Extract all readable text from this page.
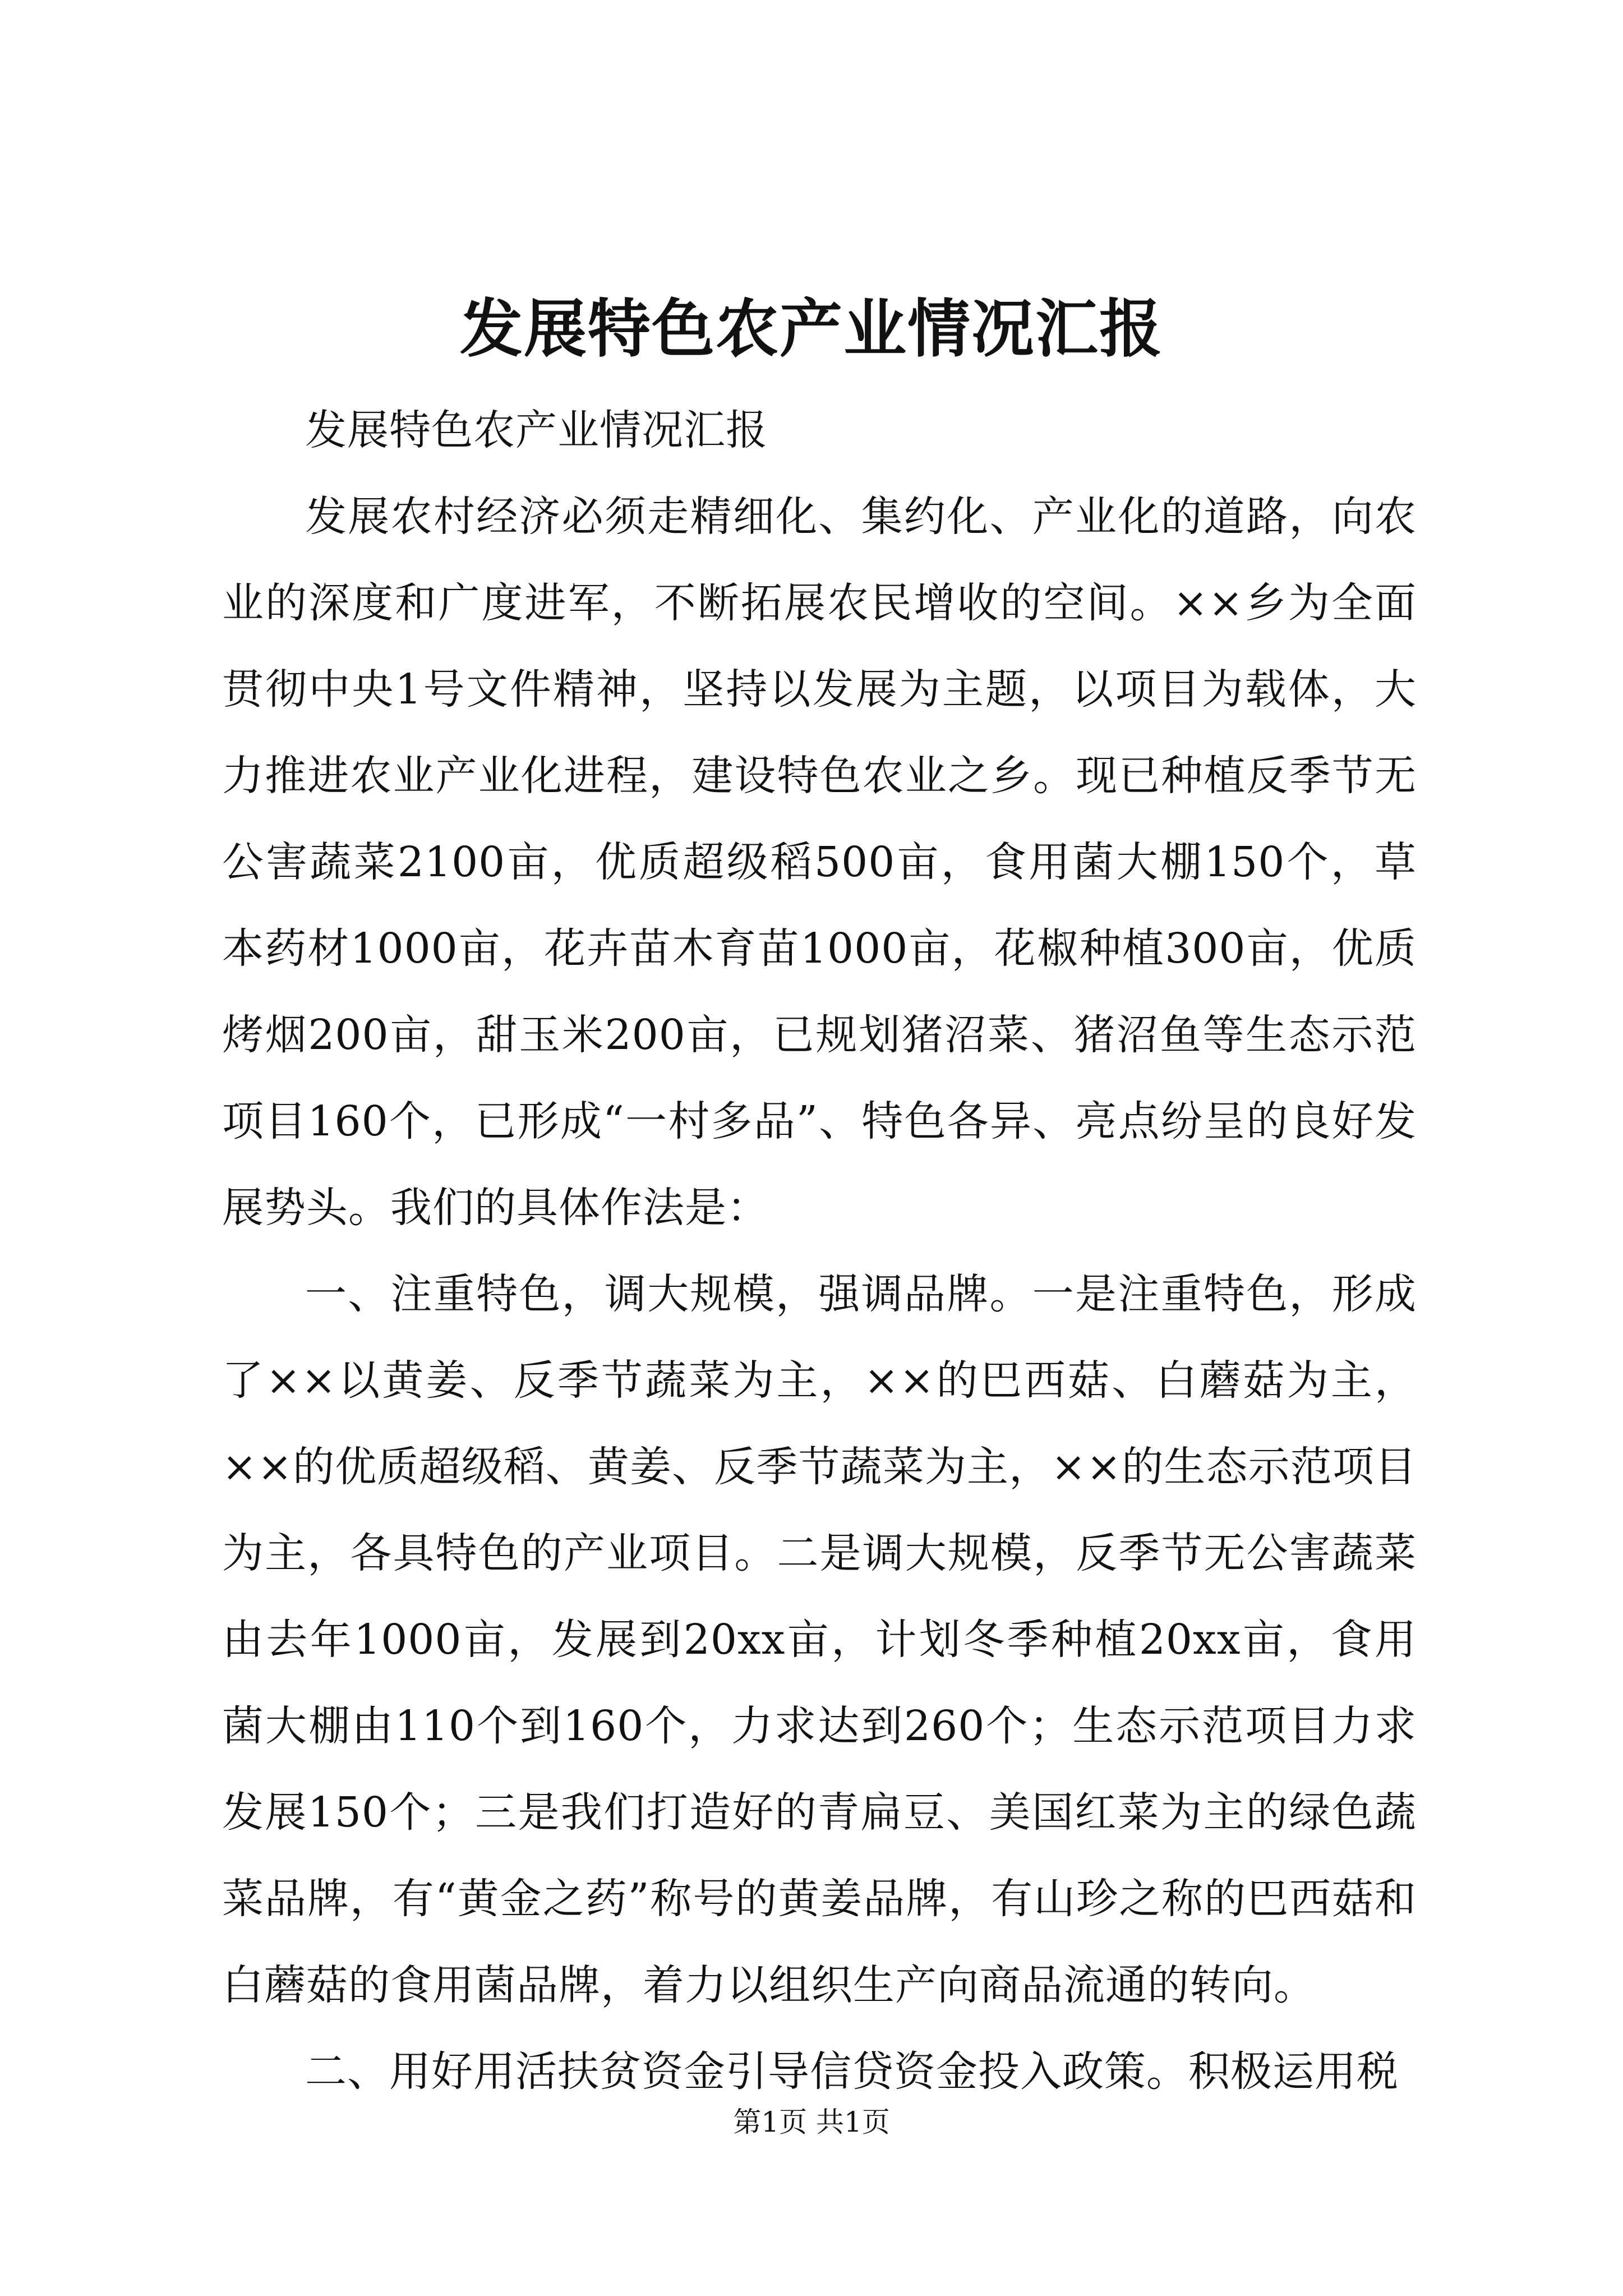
发展特色农产业情况汇报

发展特色农产业情况汇报

发展农村经济必须走精细化、集约化、产业化的道路，向农业的深度和广度进军，不断拓展农民增收的空间。××乡为全面贯彻中央1号文件精神，坚持以发展为主题，以项目为载体，大力推进农业产业化进程，建设特色农业之乡。现已种植反季节无公害蔬菜2100亩，优质超级稻500亩，食用菌大棚150个，草本药材1000亩，花卉苗木育苗1000亩，花椒种植300亩，优质烤烟200亩，甜玉米200亩，已规划猪沼菜、猪沼鱼等生态示范项目160个，已形成“一村多品”、特色各异、亮点纷呈的良好发展势头。我们的具体作法是：

一、注重特色，调大规模，强调品牌。一是注重特色，形成了××以黄姜、反季节蔬菜为主，××的巴西菇、白蘑菇为主，××的优质超级稻、黄姜、反季节蔬菜为主，××的生态示范项目为主，各具特色的产业项目。二是调大规模，反季节无公害蔬菜由去年1000亩，发展到20xx亩，计划冬季种植20xx亩，食用菌大棚由110个到160个，力求达到260个；生态示范项目力求发展150个；三是我们打造好的青扁豆、美国红菜为主的绿色蔬菜品牌，有“黄金之药”称号的黄姜品牌，有山珍之称的巴西菇和白蘑菇的食用菌品牌，着力以组织生产向商品流通的转向。

二、用好用活扶贫资金引导信贷资金投入政策。积极运用税

第1页 共1页
